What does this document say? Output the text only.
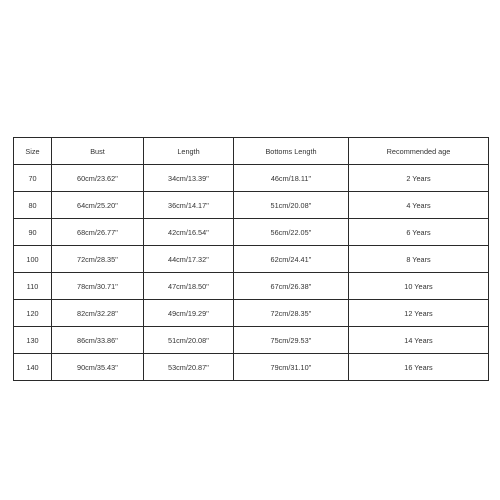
Size	Bust	Length	Bottoms Length	Recommended age
70	60cm/23.62''	34cm/13.39''	46cm/18.11''	2 Years
80	64cm/25.20''	36cm/14.17''	51cm/20.08''	4 Years
90	68cm/26.77''	42cm/16.54''	56cm/22.05''	6 Years
100	72cm/28.35''	44cm/17.32''	62cm/24.41''	8 Years
110	78cm/30.71''	47cm/18.50''	67cm/26.38''	10 Years
120	82cm/32.28''	49cm/19.29''	72cm/28.35''	12 Years
130	86cm/33.86''	51cm/20.08''	75cm/29.53''	14 Years
140	90cm/35.43''	53cm/20.87''	79cm/31.10''	16 Years
